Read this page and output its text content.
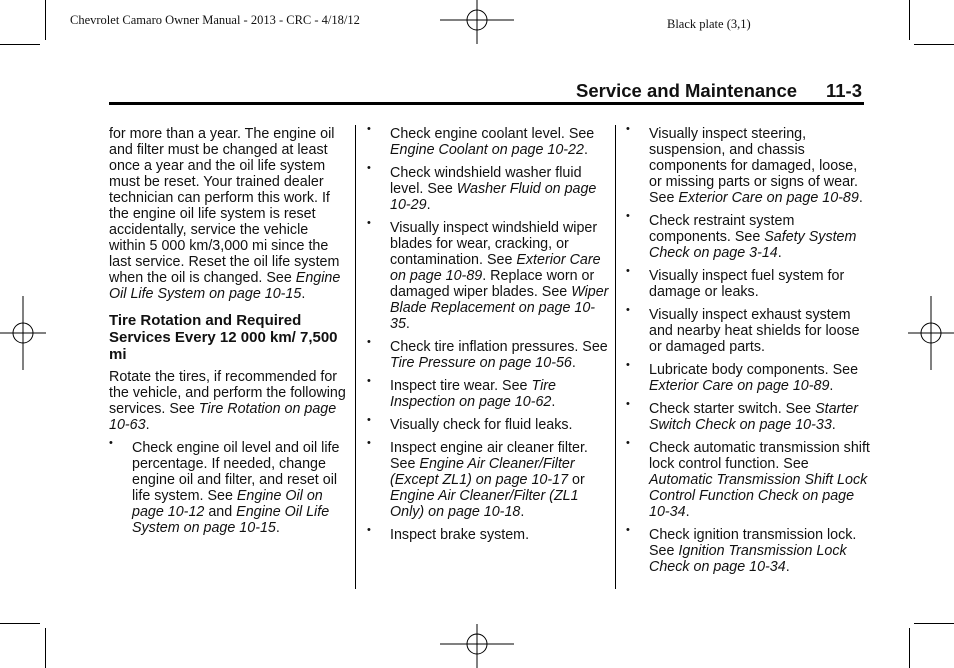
Chevrolet Camaro Owner Manual - 2013 - CRC - 4/18/12	Black plate (3,1)
Service and Maintenance 11-3

for more than a year. The engine oil and filter must be changed at least once a year and the oil life system must be reset. Your trained dealer technician can perform this work. If the engine oil life system is reset accidentally, service the vehicle within 5 000 km/3,000 mi since the last service. Reset the oil life system when the oil is changed. See Engine Oil Life System on page 10-15.

Tire Rotation and Required Services Every 12 000 km/ 7,500 mi

Rotate the tires, if recommended for the vehicle, and perform the following services. See Tire Rotation on page 10-63.

• Check engine oil level and oil life percentage. If needed, change engine oil and filter, and reset oil life system. See Engine Oil on page 10-12 and Engine Oil Life System on page 10-15.
• Check engine coolant level. See Engine Coolant on page 10-22.
• Check windshield washer fluid level. See Washer Fluid on page 10-29.
• Visually inspect windshield wiper blades for wear, cracking, or contamination. See Exterior Care on page 10-89. Replace worn or damaged wiper blades. See Wiper Blade Replacement on page 10-35.
• Check tire inflation pressures. See Tire Pressure on page 10-56.
• Inspect tire wear. See Tire Inspection on page 10-62.
• Visually check for fluid leaks.
• Inspect engine air cleaner filter. See Engine Air Cleaner/Filter (Except ZL1) on page 10-17 or Engine Air Cleaner/Filter (ZL1 Only) on page 10-18.
• Inspect brake system.
• Visually inspect steering, suspension, and chassis components for damaged, loose, or missing parts or signs of wear. See Exterior Care on page 10-89.
• Check restraint system components. See Safety System Check on page 3-14.
• Visually inspect fuel system for damage or leaks.
• Visually inspect exhaust system and nearby heat shields for loose or damaged parts.
• Lubricate body components. See Exterior Care on page 10-89.
• Check starter switch. See Starter Switch Check on page 10-33.
• Check automatic transmission shift lock control function. See Automatic Transmission Shift Lock Control Function Check on page 10-34.
• Check ignition transmission lock. See Ignition Transmission Lock Check on page 10-34.
